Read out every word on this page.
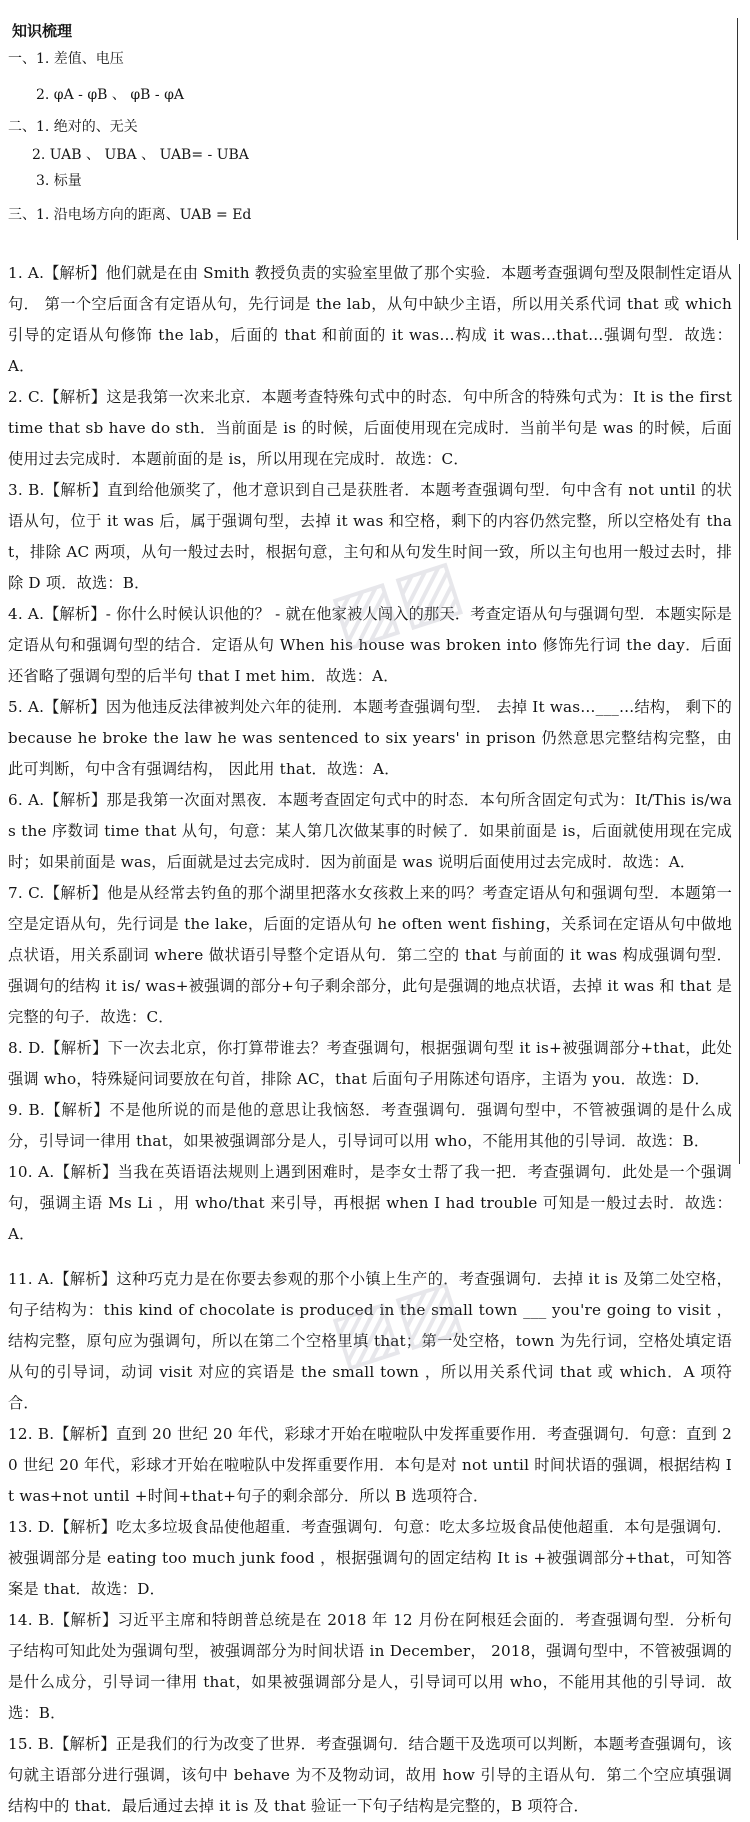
知识梳理
一、1. 差值、电压
2. φA - φB 、 φB - φA
二、1. 绝对的、无关
2. UAB 、 UBA 、 UAB= - UBA
3. 标量
三、1. 沿电场方向的距离、UAB = Ed

1. A.【解析】他们就是在由 Smith 教授负责的实验室里做了那个实验．本题考查强调句型及限制性定语从句． 第一个空后面含有定语从句，先行词是 the lab，从句中缺少主语，所以用关系代词 that 或 which 引导的定语从句修饰 the lab，后面的 that 和前面的 it was…构成 it was…that…强调句型．故选：A．

2. C.【解析】这是我第一次来北京．本题考查特殊句式中的时态．句中所含的特殊句式为：It is the first time that sb have do sth．当前面是 is 的时候，后面使用现在完成时．当前半句是 was 的时候，后面使用过去完成时．本题前面的是 is，所以用现在完成时．故选：C．

3. B.【解析】直到给他颁奖了，他才意识到自己是获胜者．本题考查强调句型．句中含有 not until 的状语从句，位于 it was 后，属于强调句型，去掉 it was 和空格，剩下的内容仍然完整，所以空格处有 that，排除 AC 两项，从句一般过去时，根据句意，主句和从句发生时间一致，所以主句也用一般过去时，排除 D 项．故选：B．

4. A.【解析】- 你什么时候认识他的？ - 就在他家被人闯入的那天．考查定语从句与强调句型．本题实际是定语从句和强调句型的结合．定语从句 When his house was broken into 修饰先行词 the day．后面还省略了强调句型的后半句 that I met him．故选：A．

5. A.【解析】因为他违反法律被判处六年的徒刑．本题考查强调句型． 去掉 It was…___…结构， 剩下的 because he broke the law he was sentenced to six years' in prison 仍然意思完整结构完整，由此可判断，句中含有强调结构， 因此用 that．故选：A．

6. A.【解析】那是我第一次面对黑夜．本题考查固定句式中的时态．本句所含固定句式为：It/This is/was the 序数词 time that 从句，句意：某人第几次做某事的时候了．如果前面是 is，后面就使用现在完成时；如果前面是 was，后面就是过去完成时．因为前面是 was 说明后面使用过去完成时．故选：A．

7. C.【解析】他是从经常去钓鱼的那个湖里把落水女孩救上来的吗？考查定语从句和强调句型．本题第一空是定语从句，先行词是 the lake，后面的定语从句 he often went fishing，关系词在定语从句中做地点状语，用关系副词 where 做状语引导整个定语从句．第二空的 that 与前面的 it was 构成强调句型．强调句的结构 it is/ was+被强调的部分+句子剩余部分，此句是强调的地点状语，去掉 it was 和 that 是完整的句子．故选：C．

8. D.【解析】下一次去北京，你打算带谁去？考查强调句，根据强调句型 it is+被强调部分+that，此处强调 who，特殊疑问词要放在句首，排除 AC，that 后面句子用陈述句语序，主语为 you．故选：D．

9. B.【解析】不是他所说的而是他的意思让我恼怒．考查强调句．强调句型中，不管被强调的是什么成分，引导词一律用 that，如果被强调部分是人，引导词可以用 who，不能用其他的引导词．故选：B．

10. A.【解析】当我在英语语法规则上遇到困难时，是李女士帮了我一把．考查强调句．此处是一个强调句，强调主语 Ms Li ，用 who/that 来引导，再根据 when I had trouble 可知是一般过去时．故选：A．

11. A.【解析】这种巧克力是在你要去参观的那个小镇上生产的．考查强调句．去掉 it is 及第二处空格，句子结构为：this kind of chocolate is produced in the small town ___ you're going to visit ，结构完整，原句应为强调句，所以在第二个空格里填 that；第一处空格，town 为先行词，空格处填定语从句的引导词，动词 visit 对应的宾语是 the small town ，所以用关系代词 that 或 which．A 项符合．

12. B.【解析】直到 20 世纪 20 年代，彩球才开始在啦啦队中发挥重要作用．考查强调句．句意：直到 20 世纪 20 年代，彩球才开始在啦啦队中发挥重要作用．本句是对 not until 时间状语的强调，根据结构 It was+not until +时间+that+句子的剩余部分．所以 B 选项符合．

13. D.【解析】吃太多垃圾食品使他超重．考查强调句．句意：吃太多垃圾食品使他超重．本句是强调句．被强调部分是 eating too much junk food ，根据强调句的固定结构 It is +被强调部分+that，可知答案是 that．故选：D．

14. B.【解析】习近平主席和特朗普总统是在 2018 年 12 月份在阿根廷会面的．考查强调句型．分析句子结构可知此处为强调句型，被强调部分为时间状语 in December， 2018，强调句型中，不管被强调的是什么成分，引导词一律用 that，如果被强调部分是人，引导词可以用 who，不能用其他的引导词．故选：B．

15. B.【解析】正是我们的行为改变了世界．考查强调句．结合题干及选项可以判断，本题考查强调句，该句就主语部分进行强调，该句中 behave 为不及物动词，故用 how 引导的主语从句．第二个空应填强调结构中的 that．最后通过去掉 it is 及 that 验证一下句子结构是完整的，B 项符合．

▨▨
▨▨
